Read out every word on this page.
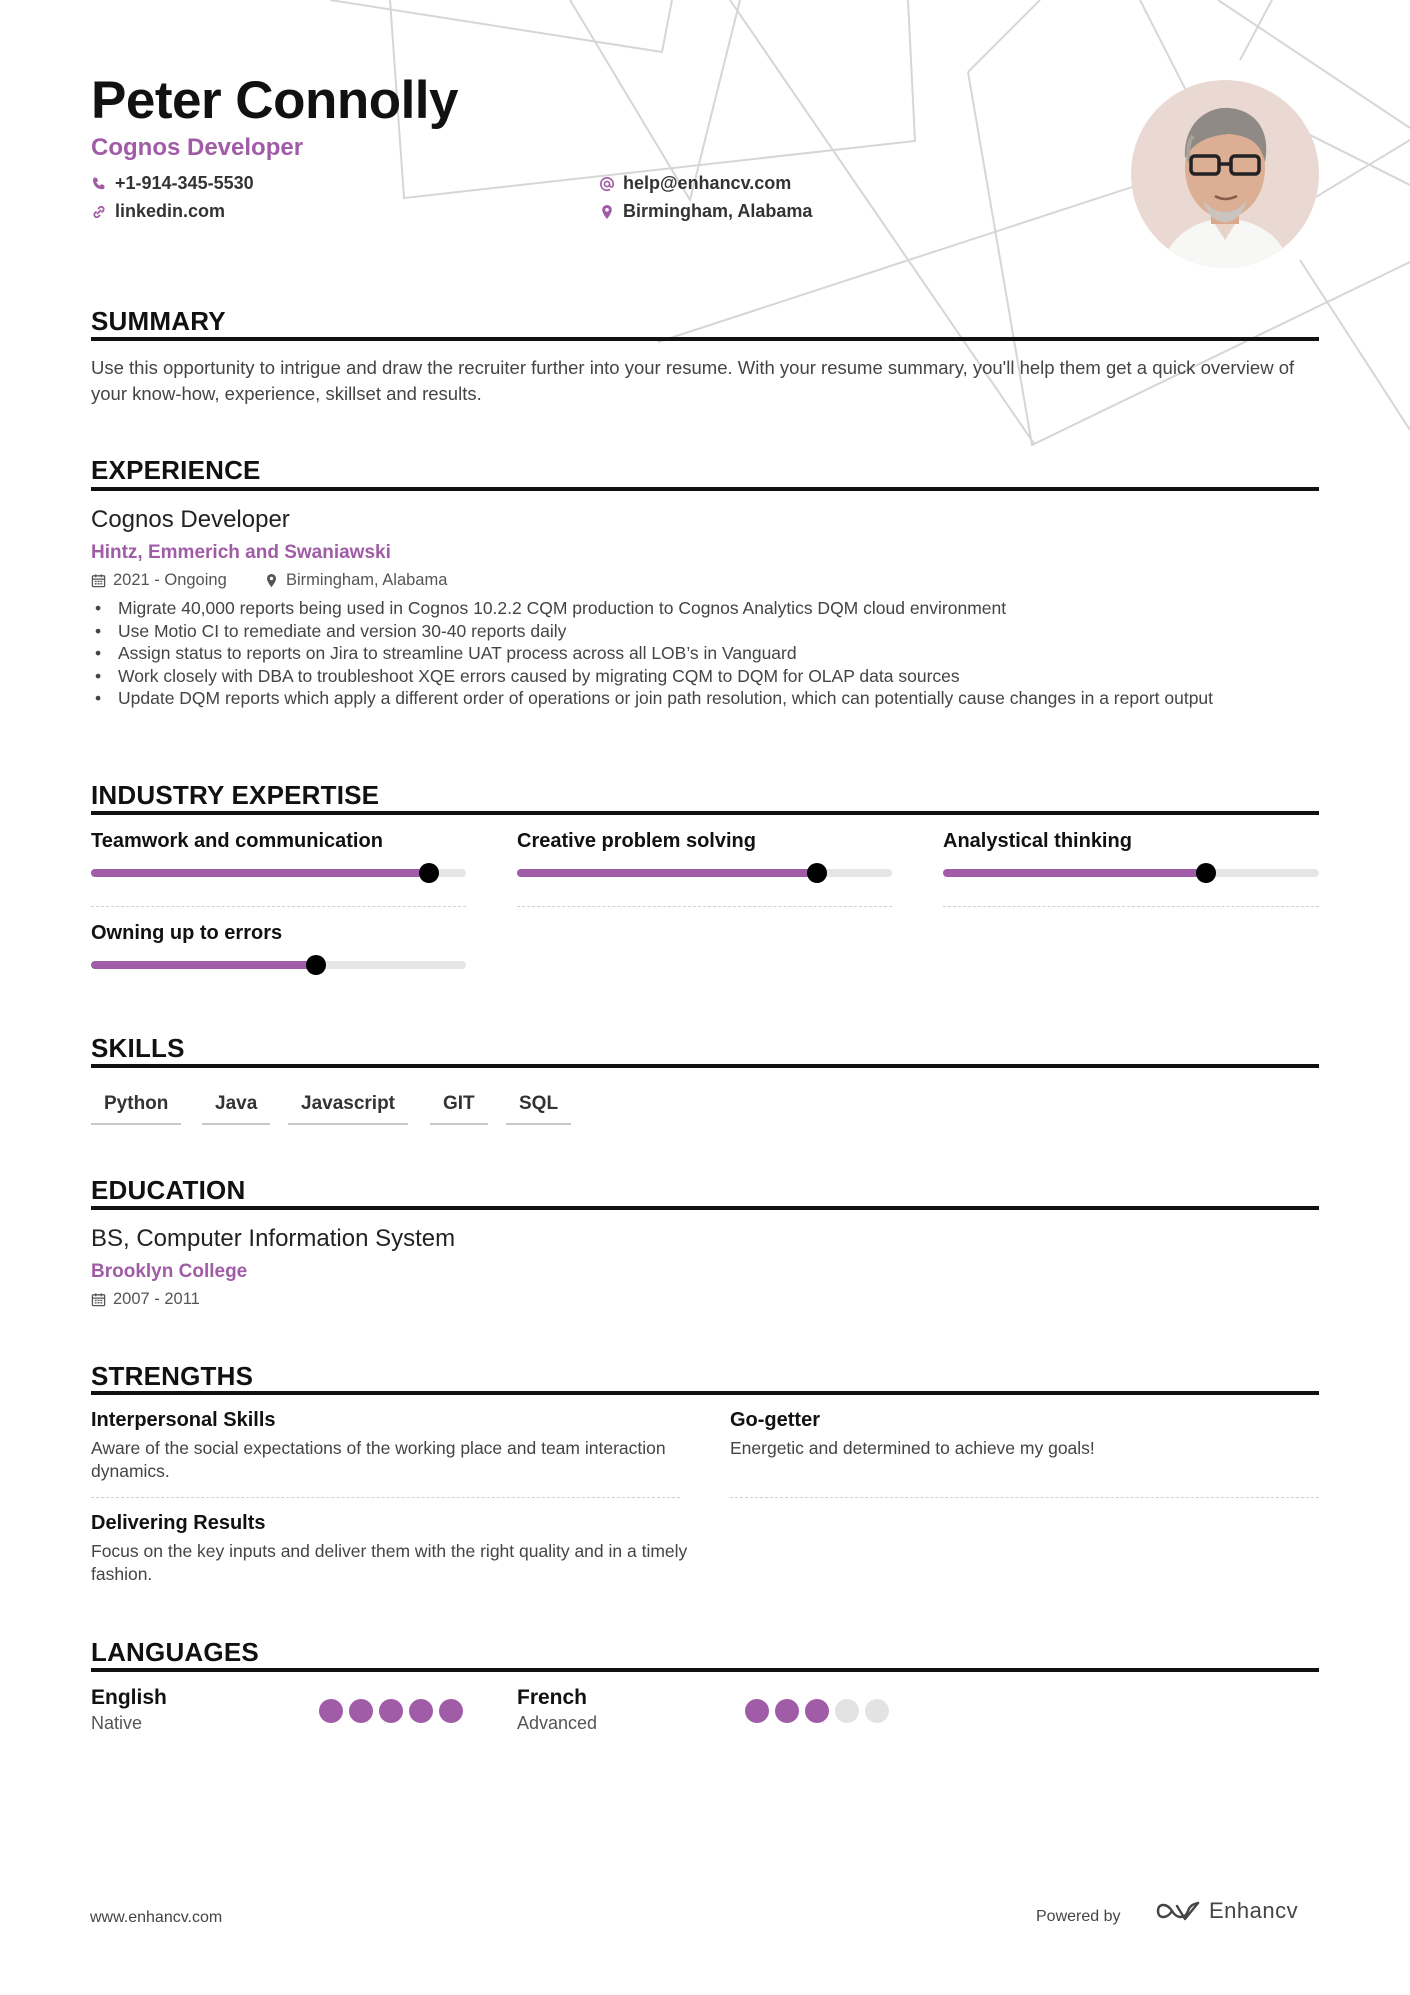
Peter Connolly
Cognos Developer
+1-914-345-5530
linkedin.com
help@enhancv.com
Birmingham, Alabama
SUMMARY
Use this opportunity to intrigue and draw the recruiter further into your resume. With your resume summary, you'll help them get a quick overview of your know-how, experience, skillset and results.
EXPERIENCE
Cognos Developer
Hintz, Emmerich and Swaniawski
2021 - Ongoing	Birmingham, Alabama
• Migrate 40,000 reports being used in Cognos 10.2.2 CQM production to Cognos Analytics DQM cloud environment
• Use Motio CI to remediate and version 30-40 reports daily
• Assign status to reports on Jira to streamline UAT process across all LOB’s in Vanguard
• Work closely with DBA to troubleshoot XQE errors caused by migrating CQM to DQM for OLAP data sources
• Update DQM reports which apply a different order of operations or join path resolution, which can potentially cause changes in a report output
INDUSTRY EXPERTISE
Teamwork and communication	Creative problem solving	Analystical thinking
Owning up to errors
SKILLS
Python	Java	Javascript	GIT	SQL
EDUCATION
BS, Computer Information System
Brooklyn College
2007 - 2011
STRENGTHS
Interpersonal Skills
Aware of the social expectations of the working place and team interaction dynamics.
Go-getter
Energetic and determined to achieve my goals!
Delivering Results
Focus on the key inputs and deliver them with the right quality and in a timely fashion.
LANGUAGES
English
Native
French
Advanced
www.enhancv.com	Powered by	Enhancv
